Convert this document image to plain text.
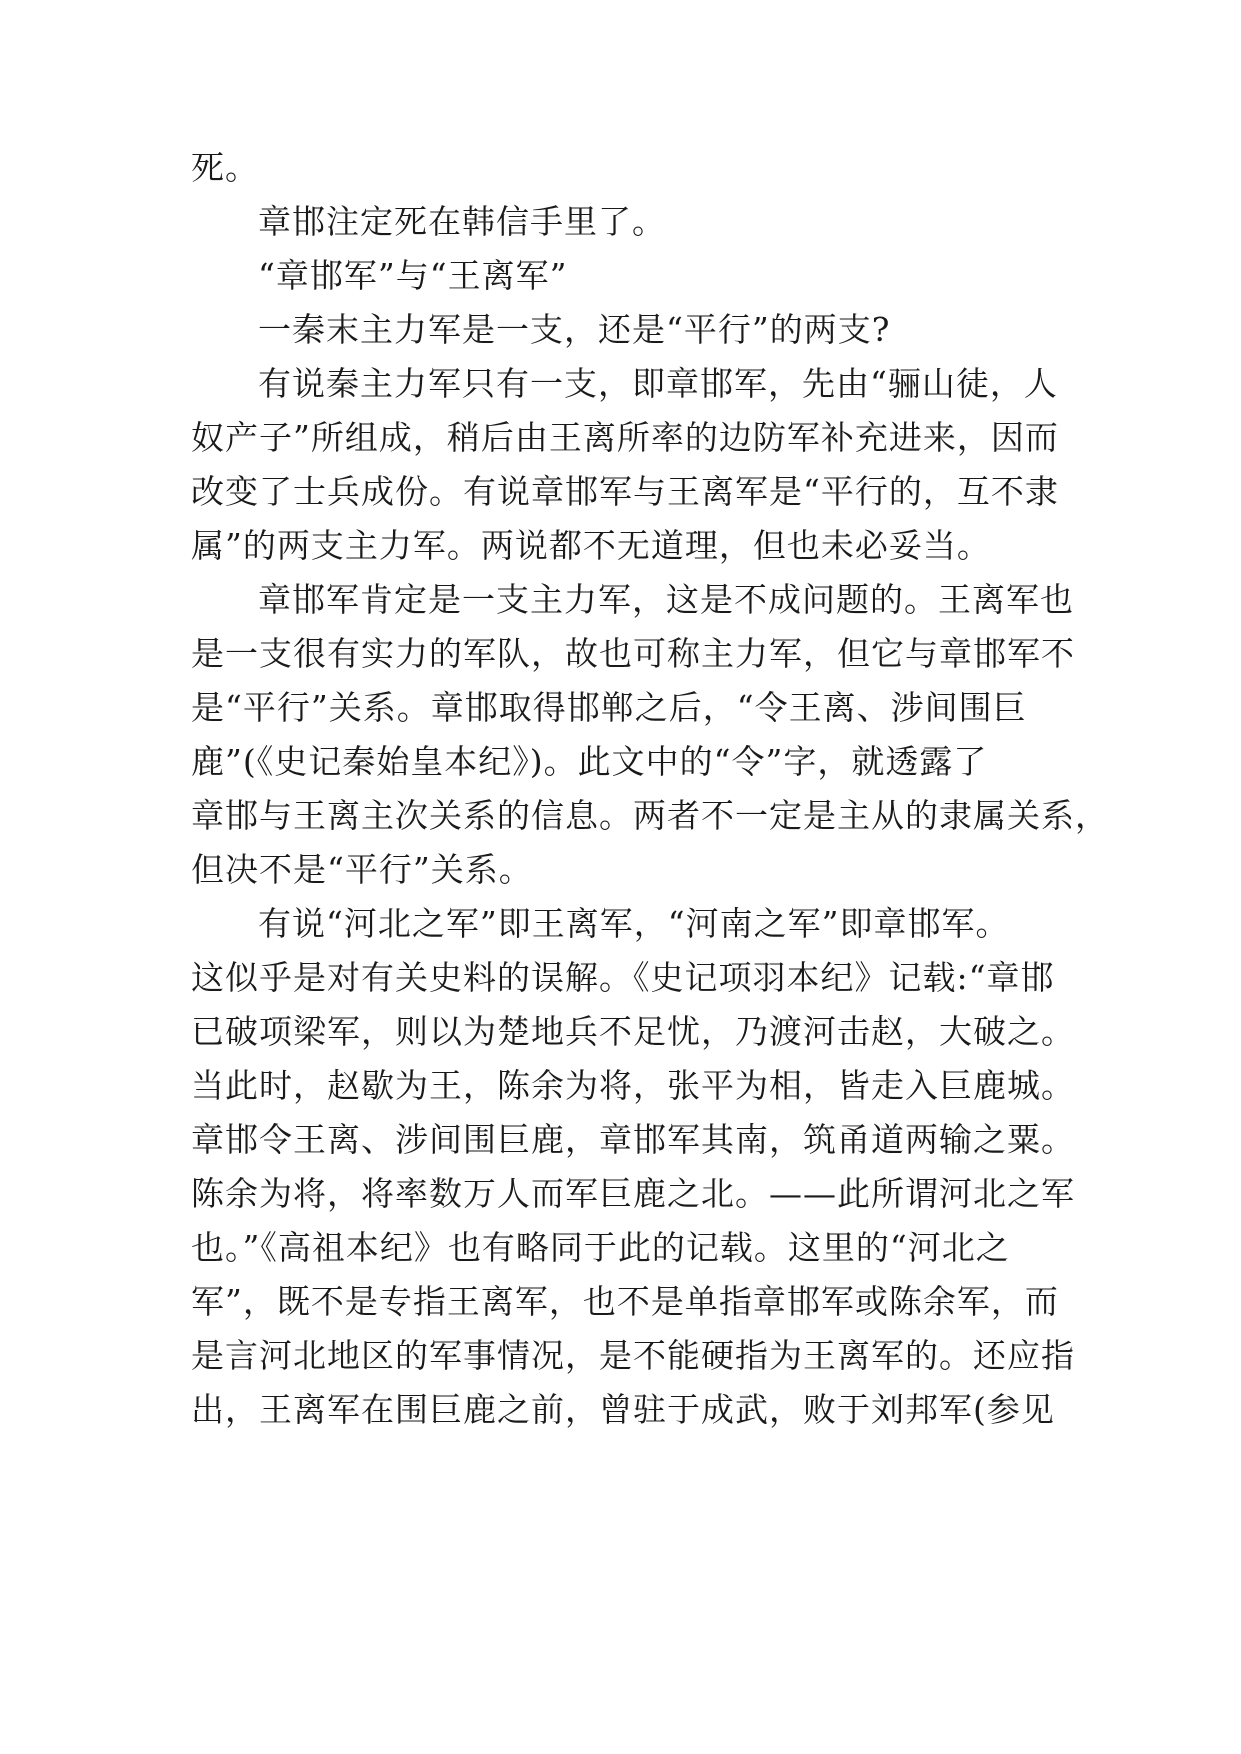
死。
章邯注定死在韩信手里了。
“章邯军”与“王离军”
一秦末主力军是一支，还是“平行”的两支?
有说秦主力军只有一支，即章邯军，先由“骊山徒，人
奴产子”所组成，稍后由王离所率的边防军补充进来，因而
改变了士兵成份。有说章邯军与王离军是“平行的，互不隶
属”的两支主力军。两说都不无道理，但也未必妥当。
章邯军肯定是一支主力军，这是不成问题的。王离军也
是一支很有实力的军队，故也可称主力军，但它与章邯军不
是“平行”关系。章邯取得邯郸之后，“令王离、涉间围巨
鹿”(《史记秦始皇本纪》)。此文中的“令”字，就透露了
章邯与王离主次关系的信息。两者不一定是主从的隶属关系，
但决不是“平行”关系。
有说“河北之军”即王离军，“河南之军”即章邯军。
这似乎是对有关史料的误解。《史记项羽本纪》记载:“章邯
已破项梁军，则以为楚地兵不足忧，乃渡河击赵，大破之。
当此时，赵歇为王，陈余为将，张平为相，皆走入巨鹿城。
章邯令王离、涉间围巨鹿，章邯军其南，筑甬道两输之粟。
陈余为将，将率数万人而军巨鹿之北。——此所谓河北之军
也。”《高祖本纪》也有略同于此的记载。这里的“河北之
军”，既不是专指王离军，也不是单指章邯军或陈余军，而
是言河北地区的军事情况，是不能硬指为王离军的。还应指
出，王离军在围巨鹿之前，曾驻于成武，败于刘邦军(参见
